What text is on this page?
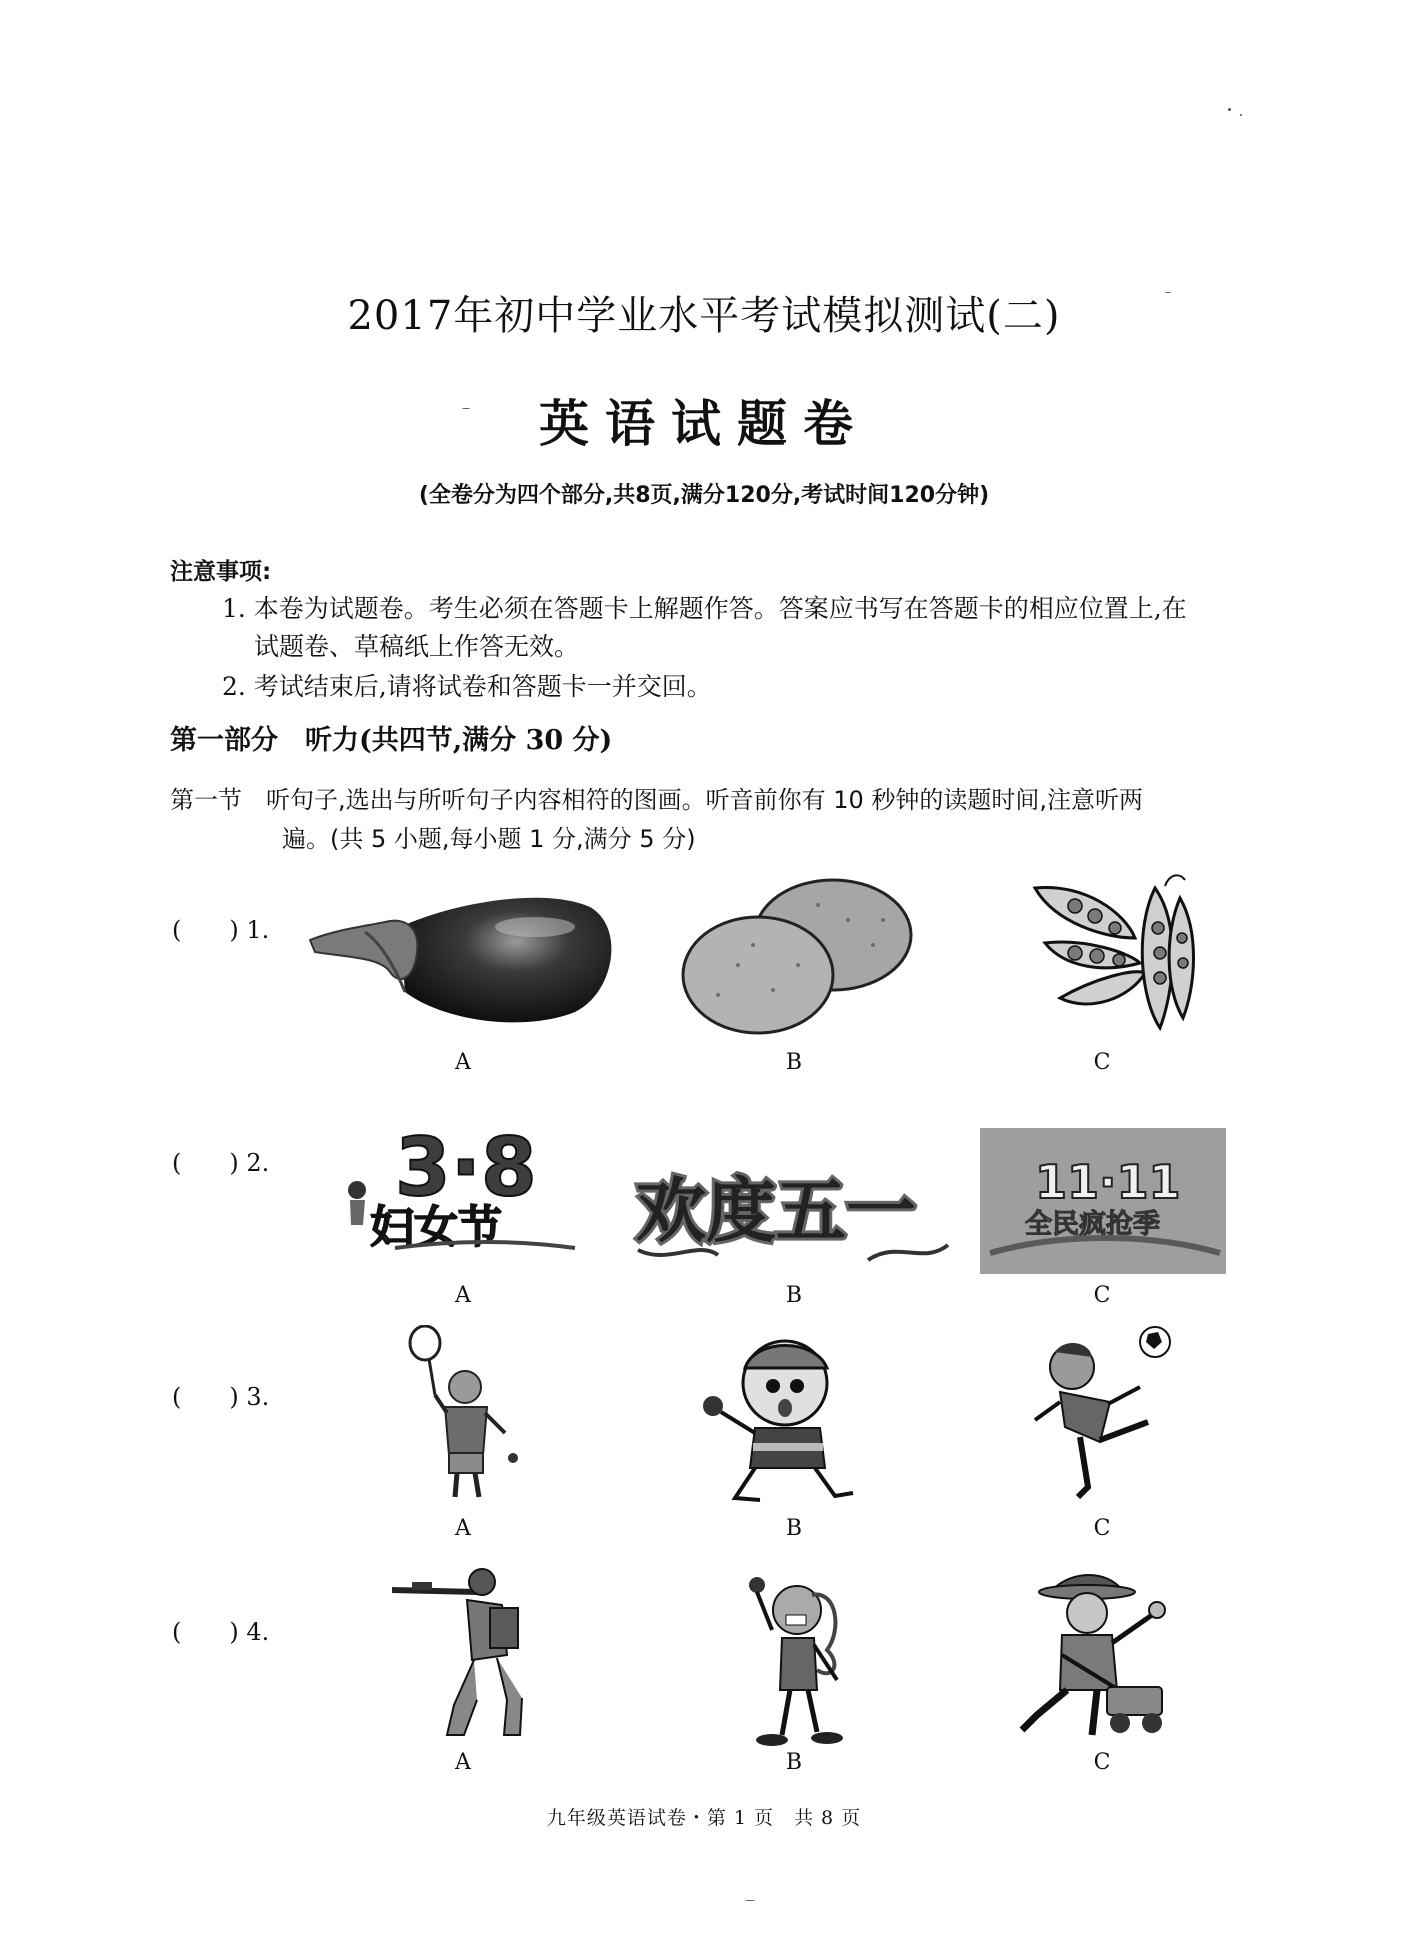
2017年初中学业水平考试模拟测试(二)
英语试题卷
(全卷分为四个部分,共8页,满分120分,考试时间120分钟)
注意事项:
1. 本卷为试题卷。考生必须在答题卡上解题作答。答案应书写在答题卡的相应位置上,在
试题卷、草稿纸上作答无效。
2. 考试结束后,请将试卷和答题卡一并交回。
第一部分　听力(共四节,满分 30 分)
第一节　听句子,选出与所听句子内容相符的图画。听音前你有 10 秒钟的读题时间,注意听两
遍。(共 5 小题,每小题 1 分,满分 5 分)
(　　) 1.
A	B	C
(　　) 2. 3·8
妇女节 欢度五一	11·11
全民疯抢季
A	B	C
(　　) 3.
A	B	C
(　　) 4.
A	B	C
九年级英语试卷・第 1 页　共 8 页
